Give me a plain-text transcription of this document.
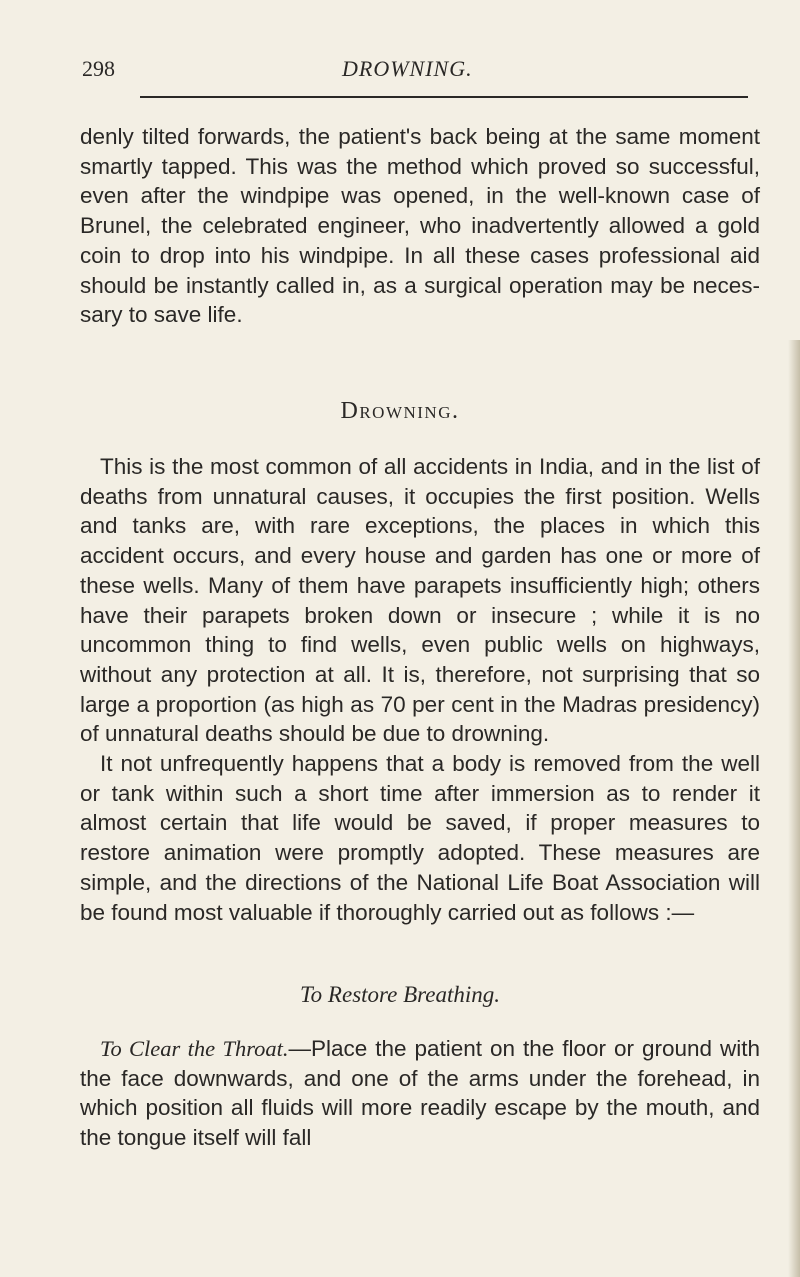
298	DROWNING.

denly tilted forwards, the patient's back being at the same moment smartly tapped. This was the method which proved so successful, even after the windpipe was opened, in the well-known case of Brunel, the celebrated engineer, who inadvertently allowed a gold coin to drop into his windpipe. In all these cases professional aid should be instantly called in, as a surgical operation may be neces- sary to save life.

Drowning.

This is the most common of all accidents in India, and in the list of deaths from unnatural causes, it occupies the first position. Wells and tanks are, with rare exceptions, the places in which this accident occurs, and every house and garden has one or more of these wells. Many of them have parapets insufficiently high; others have their parapets broken down or insecure ; while it is no uncommon thing to find wells, even public wells on highways, without any protection at all. It is, therefore, not surprising that so large a proportion (as high as 70 per cent in the Madras presidency) of unnatural deaths should be due to drowning.

It not unfrequently happens that a body is removed from the well or tank within such a short time after immersion as to render it almost certain that life would be saved, if proper measures to restore animation were promptly adopted. These measures are simple, and the directions of the National Life Boat Association will be found most valuable if thoroughly carried out as follows :—

To Restore Breathing.

To Clear the Throat.—Place the patient on the floor or ground with the face downwards, and one of the arms under the forehead, in which position all fluids will more readily escape by the mouth, and the tongue itself will fall
